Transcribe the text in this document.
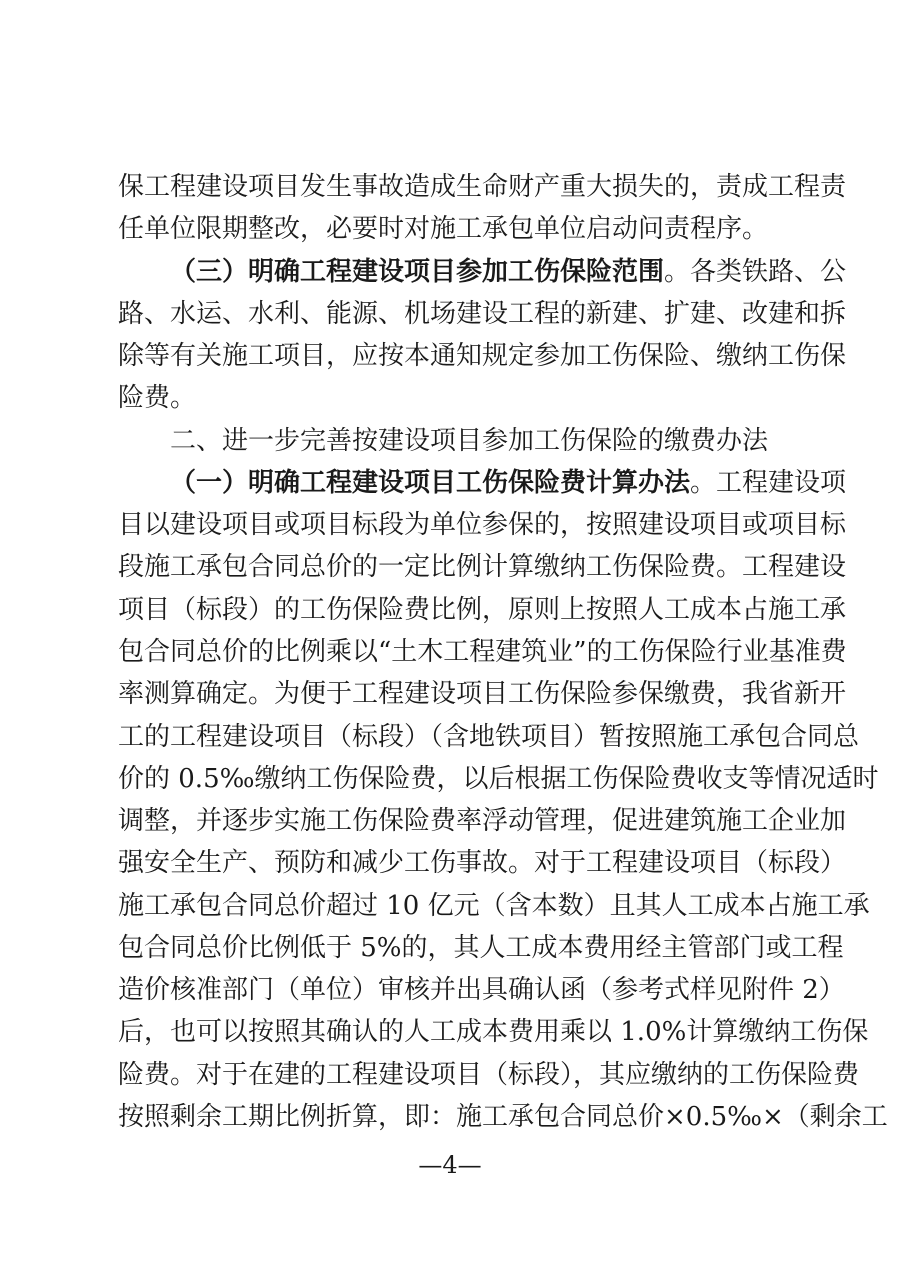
保工程建设项目发生事故造成生命财产重大损失的，责成工程责
任单位限期整改，必要时对施工承包单位启动问责程序。
（三）明确工程建设项目参加工伤保险范围。各类铁路、公
路、水运、水利、能源、机场建设工程的新建、扩建、改建和拆
除等有关施工项目，应按本通知规定参加工伤保险、缴纳工伤保
险费。
二、进一步完善按建设项目参加工伤保险的缴费办法
（一）明确工程建设项目工伤保险费计算办法。工程建设项
目以建设项目或项目标段为单位参保的，按照建设项目或项目标
段施工承包合同总价的一定比例计算缴纳工伤保险费。工程建设
项目（标段）的工伤保险费比例，原则上按照人工成本占施工承
包合同总价的比例乘以“土木工程建筑业”的工伤保险行业基准费
率测算确定。为便于工程建设项目工伤保险参保缴费，我省新开
工的工程建设项目（标段）（含地铁项目）暂按照施工承包合同总
价的 0.5‰缴纳工伤保险费，以后根据工伤保险费收支等情况适时
调整，并逐步实施工伤保险费率浮动管理，促进建筑施工企业加
强安全生产、预防和减少工伤事故。对于工程建设项目（标段）
施工承包合同总价超过 10 亿元（含本数）且其人工成本占施工承
包合同总价比例低于 5%的，其人工成本费用经主管部门或工程
造价核准部门（单位）审核并出具确认函（参考式样见附件 2）
后，也可以按照其确认的人工成本费用乘以 1.0%计算缴纳工伤保
险费。对于在建的工程建设项目（标段），其应缴纳的工伤保险费
按照剩余工期比例折算，即：施工承包合同总价×0.5‰×（剩余工
—4—
